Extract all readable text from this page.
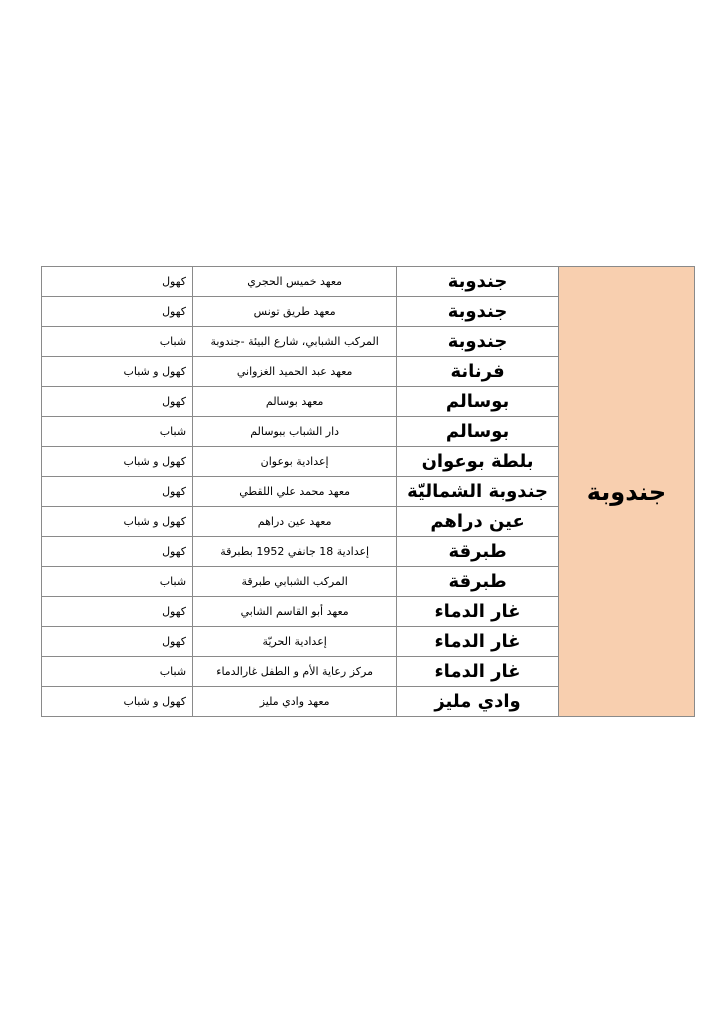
جندوبة	جندوبة	معهد خميس الحجري	كهول
	جندوبة	معهد طريق تونس	كهول
	جندوبة	المركب الشبابي، شارع البيئة -جندوبة	شباب
	فرنانة	معهد عبد الحميد الغزواني	كهول و شباب
	بوسالم	معهد بوسالم	كهول
	بوسالم	دار الشباب ببوسالم	شباب
	بلطة بوعوان	إعدادية بوعوان	كهول و شباب
	جندوبة الشماليّة	معهد محمد علي اللقطي	كهول
	عين دراهم	معهد عين دراهم	كهول و شباب
	طبرقة	إعدادية 18 جانفي 1952 بطبرقة	كهول
	طبرقة	المركب الشبابي طبرقة	شباب
	غار الدماء	معهد أبو القاسم الشابي	كهول
	غار الدماء	إعدادية الحريّة	كهول
	غار الدماء	مركز رعاية الأم و الطفل غارالدماء	شباب
	وادي مليز	معهد وادي مليز	كهول و شباب
